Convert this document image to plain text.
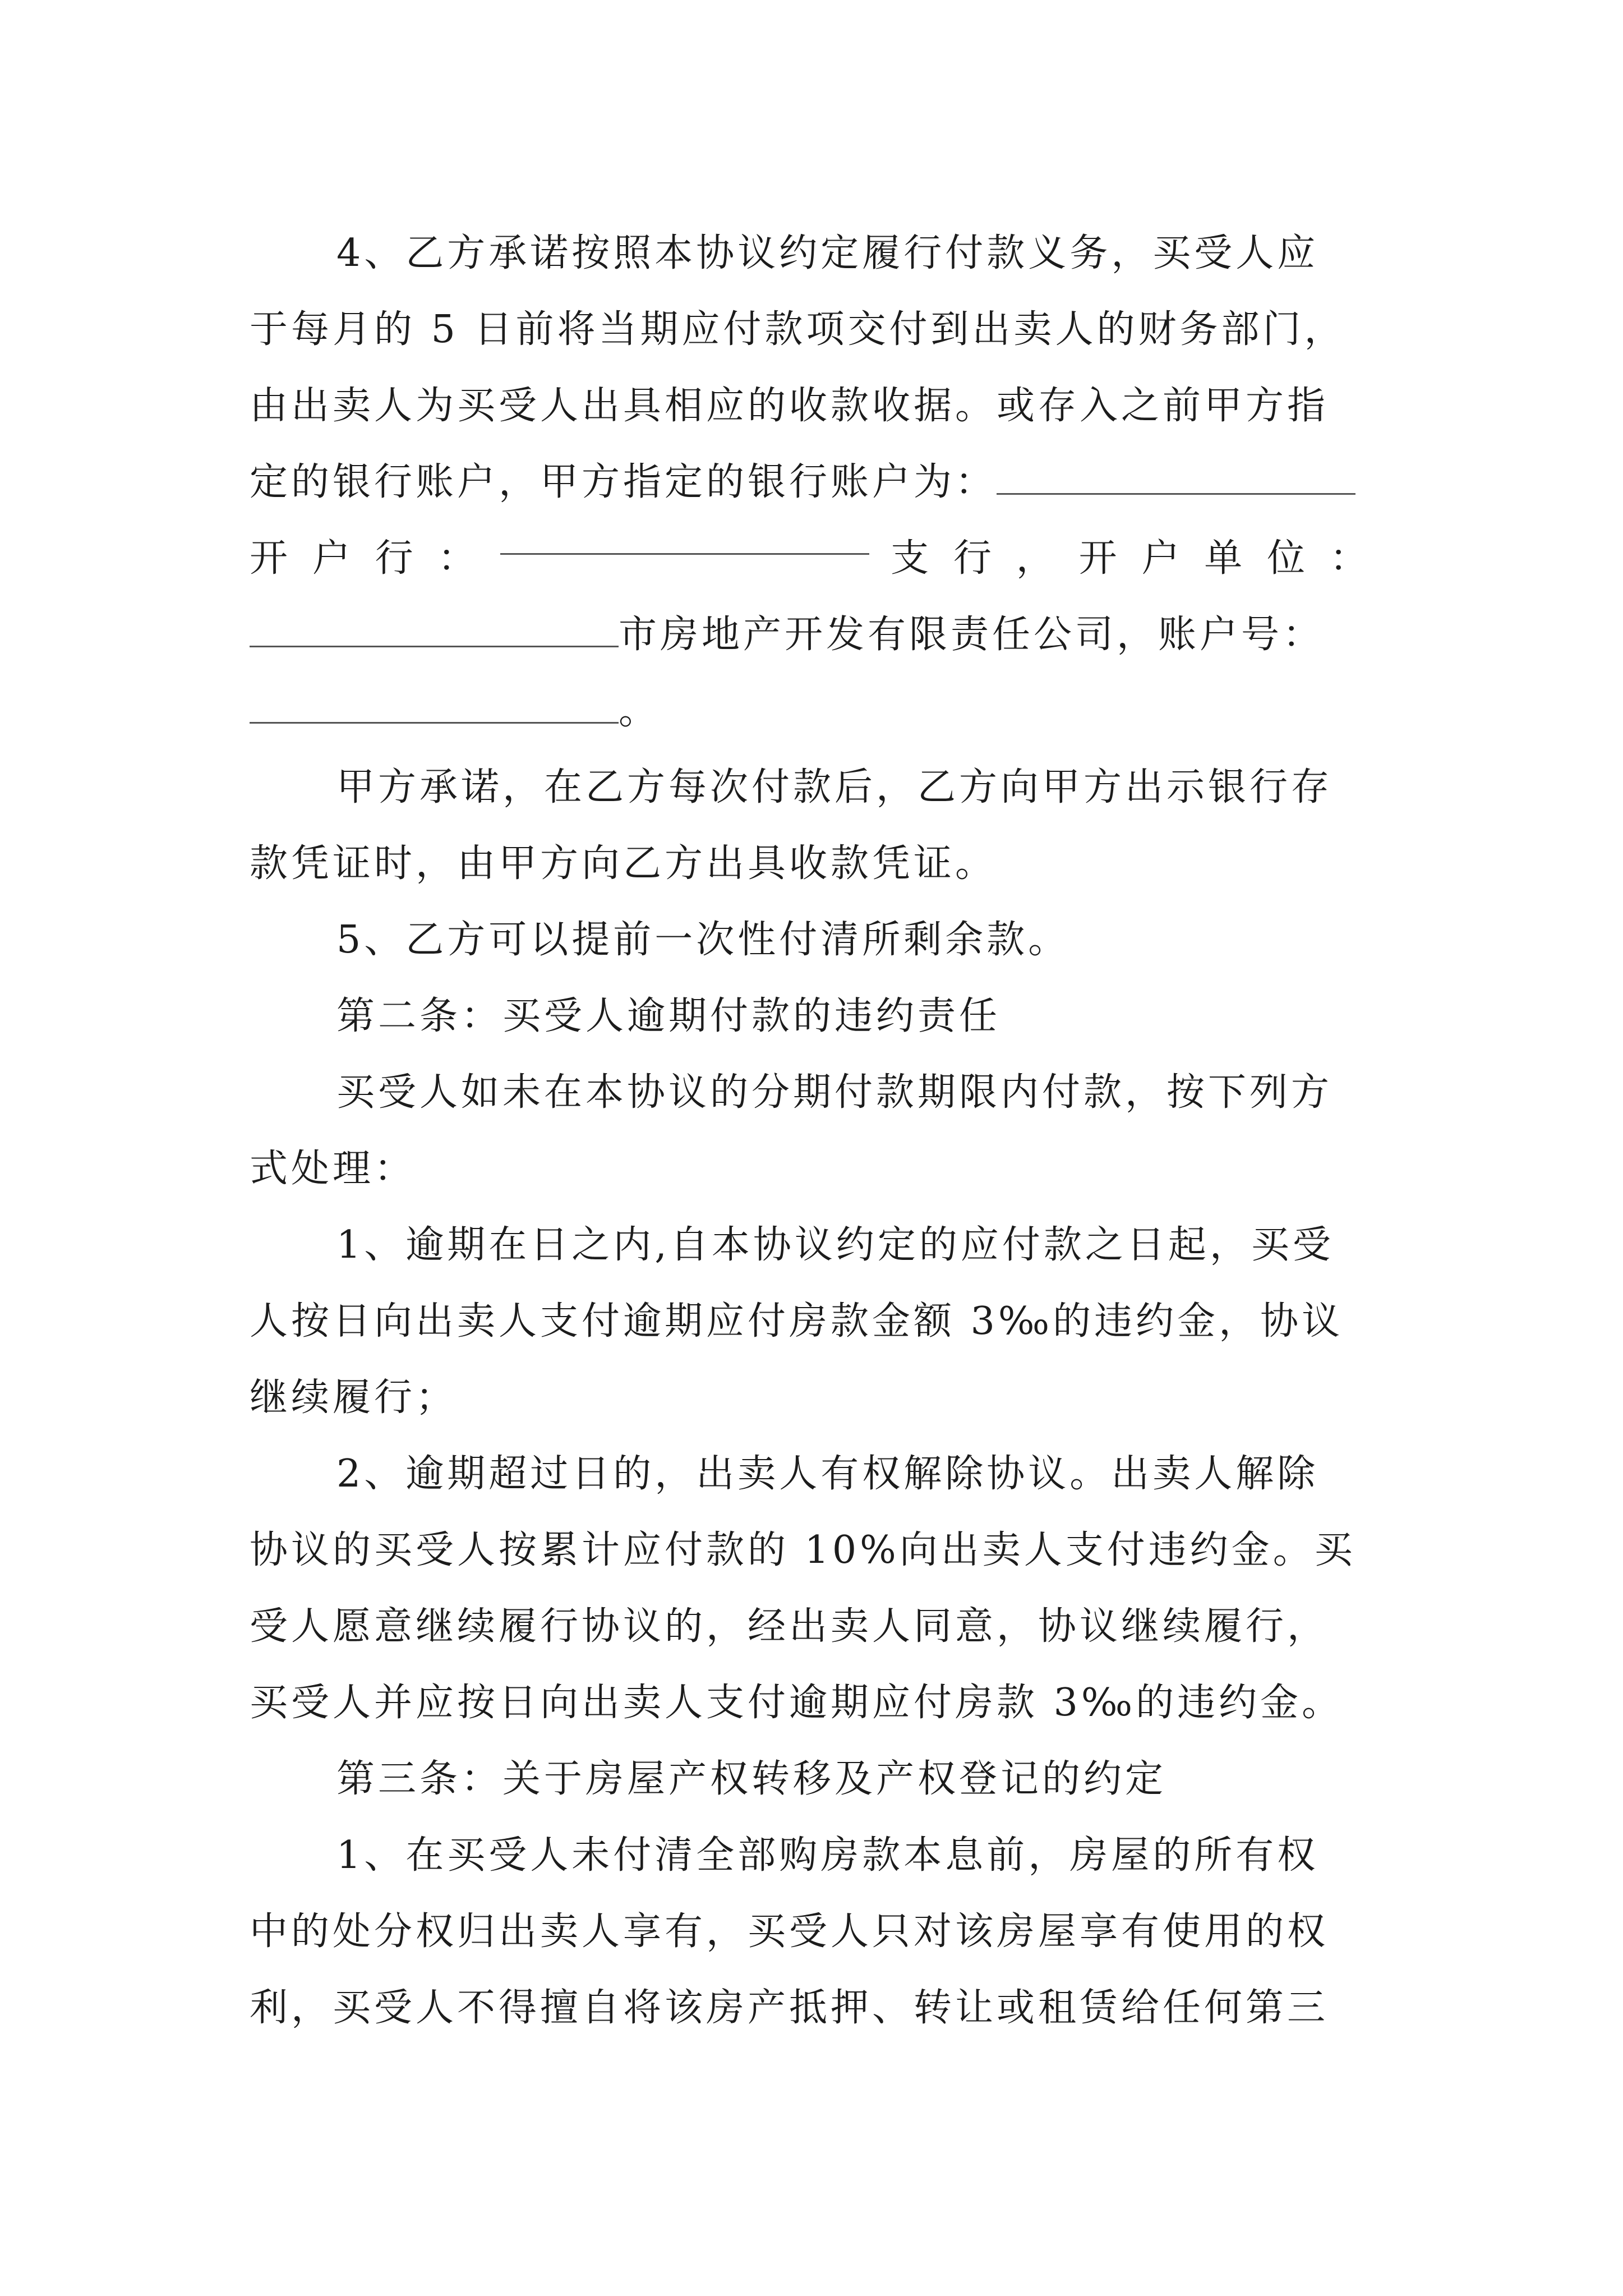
4、乙方承诺按照本协议约定履行付款义务，买受人应
于每月的 5 日前将当期应付款项交付到出卖人的财务部门，
由出卖人为买受人出具相应的收款收据。或存入之前甲方指
定的银行账户，甲方指定的银行账户为：
开 户 行 ：	支 行 ， 开 户 单 位 ：
市房地产开发有限责任公司，账户号：
。
甲方承诺，在乙方每次付款后，乙方向甲方出示银行存
款凭证时，由甲方向乙方出具收款凭证。
5、乙方可以提前一次性付清所剩余款。
第二条：买受人逾期付款的违约责任
买受人如未在本协议的分期付款期限内付款，按下列方
式处理：
1、逾期在日之内,自本协议约定的应付款之日起，买受
人按日向出卖人支付逾期应付房款金额 3‰的违约金，协议
继续履行；
2、逾期超过日的，出卖人有权解除协议。出卖人解除
协议的买受人按累计应付款的 10%向出卖人支付违约金。买
受人愿意继续履行协议的，经出卖人同意，协议继续履行，
买受人并应按日向出卖人支付逾期应付房款 3‰的违约金。
第三条：关于房屋产权转移及产权登记的约定
1、在买受人未付清全部购房款本息前，房屋的所有权
中的处分权归出卖人享有，买受人只对该房屋享有使用的权
利，买受人不得擅自将该房产抵押、转让或租赁给任何第三
